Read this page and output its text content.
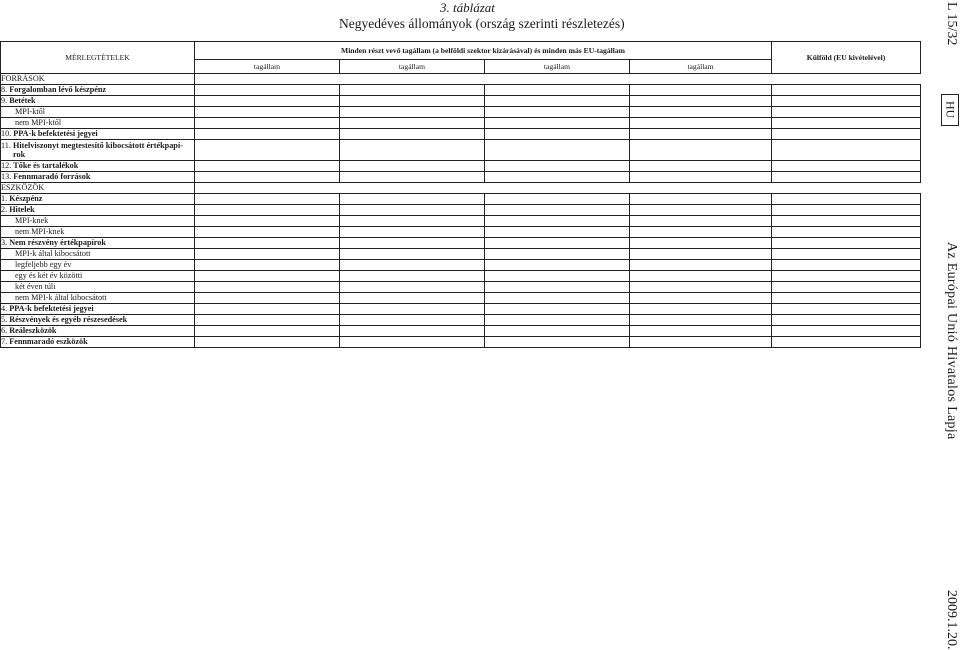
3. táblázat
Negyedéves állományok (ország szerinti részletezés)
MÉRLEGTÉTELEK	Minden részt vevő tagállam (a belföldi szektor kizárásával) és minden más EU-tagállam				Külföld (EU kivételével)
	tagállam	tagállam	tagállam	tagállam	
FORRÁSOK					
8. Forgalomban lévő készpénz					
9. Betétek					
MPI-ktől					
nem MPI-ktől					
10. PPA-k befektetési jegyei					
11. Hitelviszonyt megtestesítő kibocsátott értékpapí-
rok					
12. Tőke és tartalékok					
13. Fennmaradó források					
ESZKÖZÖK					
1. Készpénz					
2. Hitelek					
MPI-knek					
nem MPI-knek					
3. Nem részvény értékpapírok					
MPI-k által kibocsátott					
legfeljebb egy év					
egy és két év közötti					
két éven túli					
nem MPI-k által kibocsátott					
4. PPA-k befektetési jegyei					
5. Részvények és egyéb részesedések					
6. Reáleszközök					
7. Fennmaradó eszközök					
L 15/32
HU
Az Európai Unió Hivatalos Lapja
2009.1.20.
